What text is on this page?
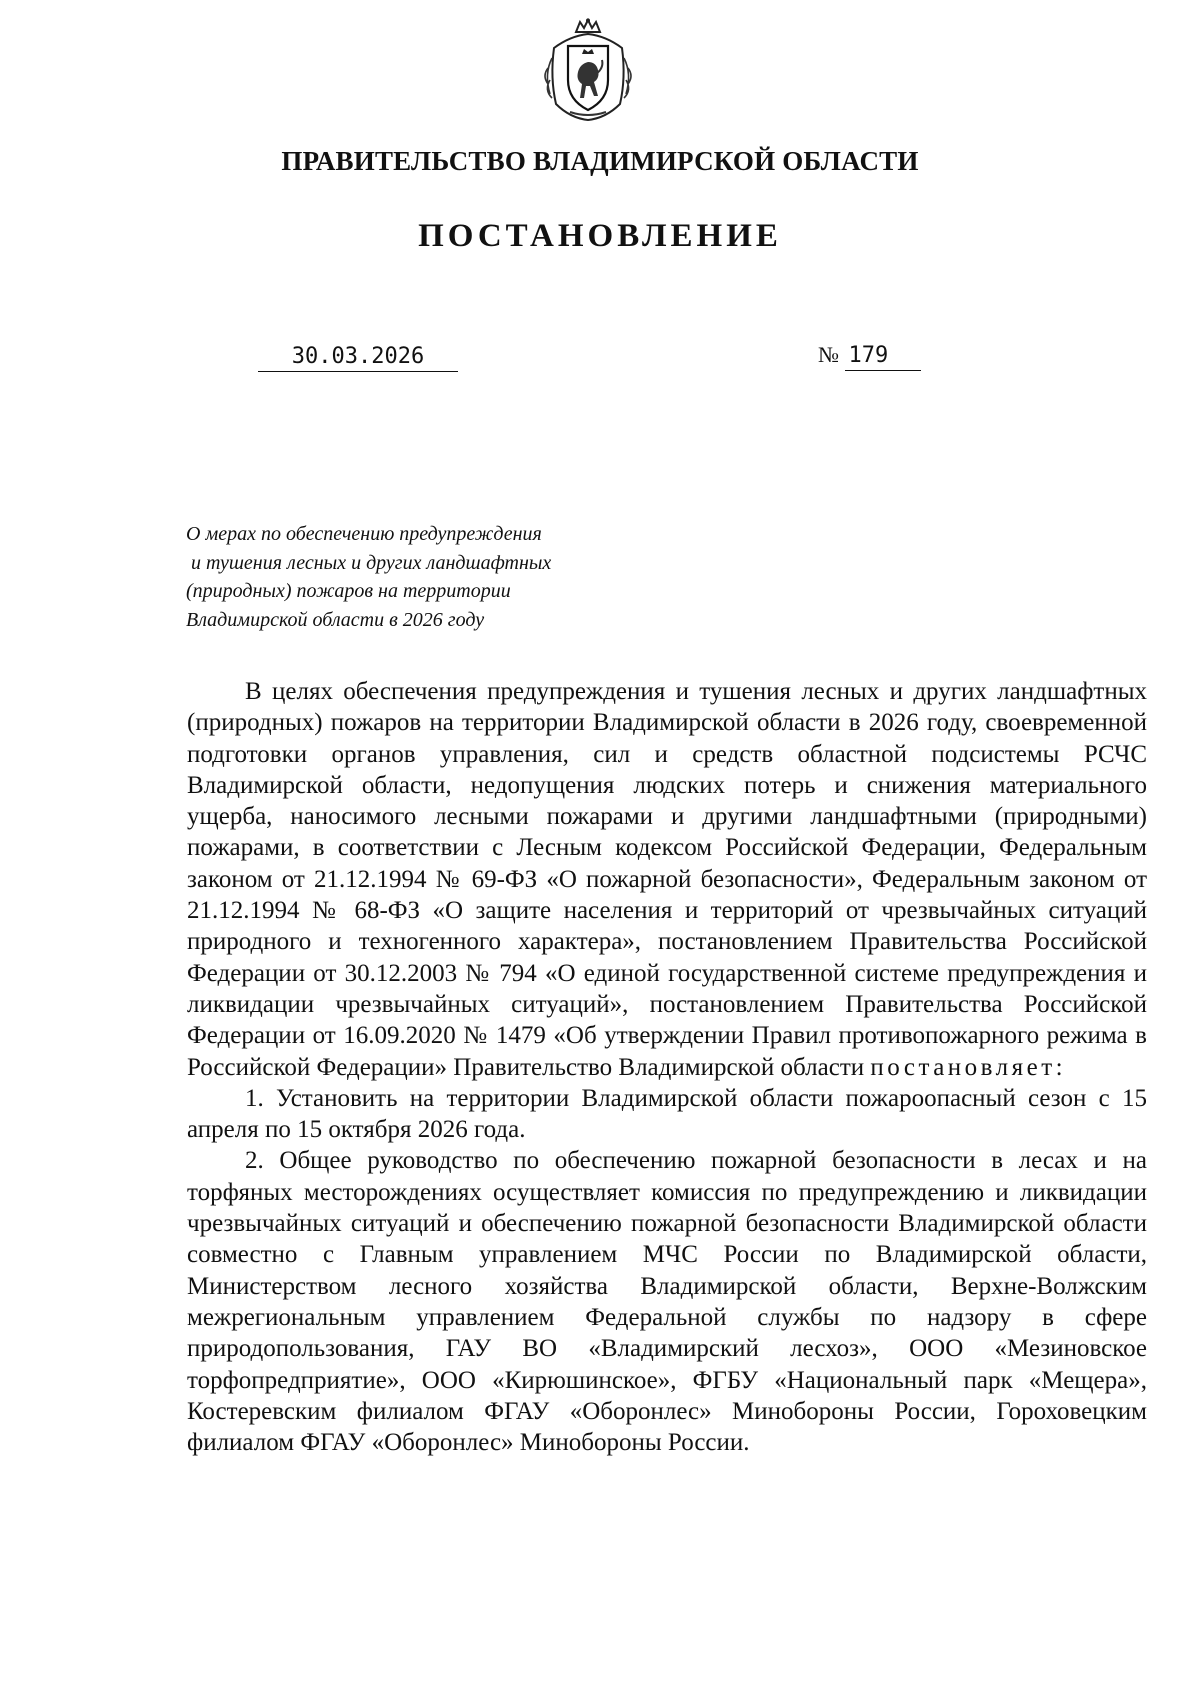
ПРАВИТЕЛЬСТВО ВЛАДИМИРСКОЙ ОБЛАСТИ
ПОСТАНОВЛЕНИЕ
30.03.2026	№ 179
О мерах по обеспечению предупреждения
и тушения лесных и других ландшафтных
(природных) пожаров на территории
Владимирской области в 2026 году

В целях обеспечения предупреждения и тушения лесных и других ландшафтных (природных) пожаров на территории Владимирской области в 2026 году, своевременной подготовки органов управления, сил и средств областной подсистемы РСЧС Владимирской области, недопущения людских потерь и снижения материального ущерба, наносимого лесными пожарами и другими ландшафтными (природными) пожарами, в соответствии с Лесным кодексом Российской Федерации, Федеральным законом от 21.12.1994 № 69-ФЗ «О пожарной безопасности», Федеральным законом от 21.12.1994 № 68-ФЗ «О защите населения и территорий от чрезвычайных ситуаций природного и техногенного характера», постановлением Правительства Российской Федерации от 30.12.2003 № 794 «О единой государственной системе предупреждения и ликвидации чрезвычайных ситуаций», постановлением Правительства Российской Федерации от 16.09.2020 № 1479 «Об утверждении Правил противопожарного режима в Российской Федерации» Правительство Владимирской области постановляет:

1. Установить на территории Владимирской области пожароопасный сезон с 15 апреля по 15 октября 2026 года.

2. Общее руководство по обеспечению пожарной безопасности в лесах и на торфяных месторождениях осуществляет комиссия по предупреждению и ликвидации чрезвычайных ситуаций и обеспечению пожарной безопасности Владимирской области совместно с Главным управлением МЧС России по Владимирской области, Министерством лесного хозяйства Владимирской области, Верхне-Волжским межрегиональным управлением Федеральной службы по надзору в сфере природопользования, ГАУ ВО «Владимирский лесхоз», ООО «Мезиновское торфопредприятие», ООО «Кирюшинское», ФГБУ «Национальный парк «Мещера», Костеревским филиалом ФГАУ «Оборонлес» Минобороны России, Гороховецким филиалом ФГАУ «Оборонлес» Минобороны России.
